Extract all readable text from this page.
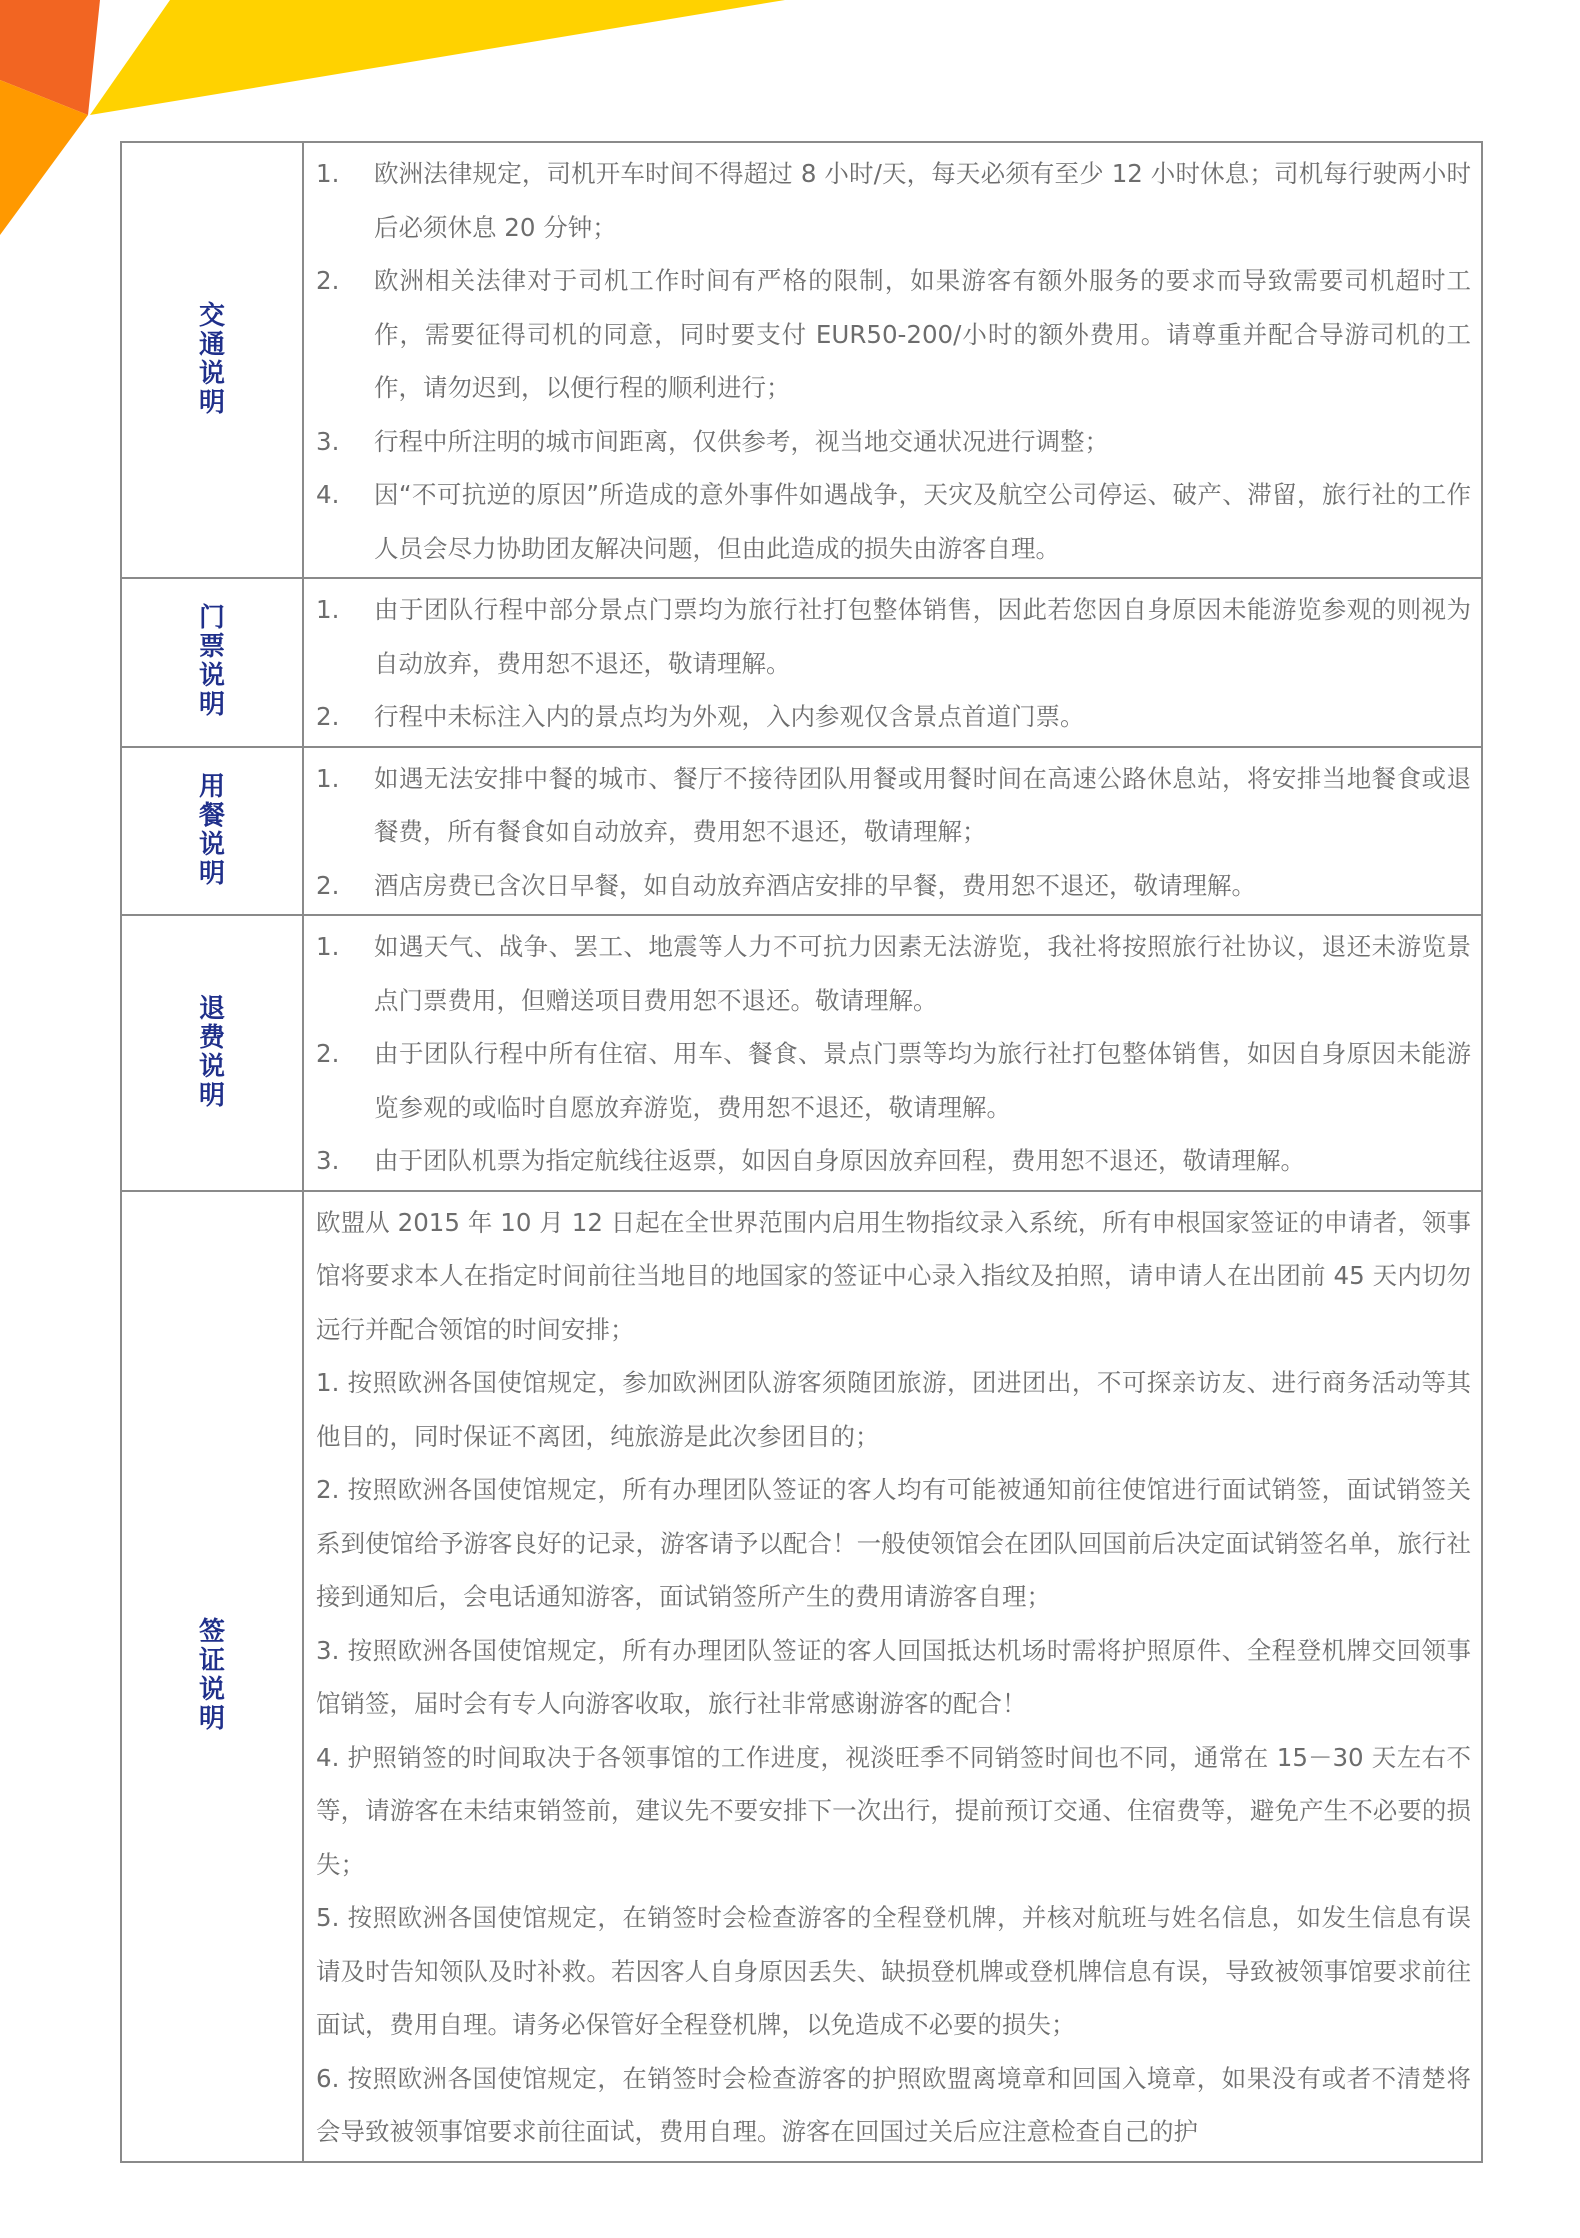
交通说明	
1.	欧洲法律规定，司机开车时间不得超过 8 小时/天，每天必须有至少 12 小时休息；司机每行驶两小时后必须休息 20 分钟；
2.	欧洲相关法律对于司机工作时间有严格的限制，如果游客有额外服务的要求而导致需要司机超时工作，需要征得司机的同意，同时要支付 EUR50-200/小时的额外费用。请尊重并配合导游司机的工作，请勿迟到，以便行程的顺利进行；
3.	行程中所注明的城市间距离，仅供参考，视当地交通状况进行调整；
4.	因“不可抗逆的原因”所造成的意外事件如遇战争，天灾及航空公司停运、破产、滞留，旅行社的工作人员会尽力协助团友解决问题，但由此造成的损失由游客自理。

门票说明	1. 由于团队行程中部分景点门票均为旅行社打包整体销售，因此若您因自身原因未能游览参观的则视为自动放弃，费用恕不退还，敬请理解。
2. 行程中未标注入内的景点均为外观，入内参观仅含景点首道门票。

用餐说明	1. 如遇无法安排中餐的城市、餐厅不接待团队用餐或用餐时间在高速公路休息站，将安排当地餐食或退餐费，所有餐食如自动放弃，费用恕不退还，敬请理解；
2. 酒店房费已含次日早餐，如自动放弃酒店安排的早餐，费用恕不退还，敬请理解。

退费说明	
1.	如遇天气、战争、罢工、地震等人力不可抗力因素无法游览，我社将按照旅行社协议，退还未游览景点门票费用，但赠送项目费用恕不退还。敬请理解。
2.	由于团队行程中所有住宿、用车、餐食、景点门票等均为旅行社打包整体销售，如因自身原因未能游览参观的或临时自愿放弃游览，费用恕不退还，敬请理解。
3.	由于团队机票为指定航线往返票，如因自身原因放弃回程，费用恕不退还，敬请理解。

签证说明	
欧盟从 2015 年 10 月 12 日起在全世界范围内启用生物指纹录入系统，所有申根国家签证的申请者，领事馆将要求本人在指定时间前往当地目的地国家的签证中心录入指纹及拍照，请申请人在出团前 45 天内切勿远行并配合领馆的时间安排；
1. 按照欧洲各国使馆规定，参加欧洲团队游客须随团旅游，团进团出，不可探亲访友、进行商务活动等其他目的，同时保证不离团，纯旅游是此次参团目的；
2. 按照欧洲各国使馆规定，所有办理团队签证的客人均有可能被通知前往使馆进行面试销签，面试销签关系到使馆给予游客良好的记录，游客请予以配合！一般使领馆会在团队回国前后决定面试销签名单，旅行社接到通知后，会电话通知游客，面试销签所产生的费用请游客自理；
3. 按照欧洲各国使馆规定，所有办理团队签证的客人回国抵达机场时需将护照原件、全程登机牌交回领事馆销签，届时会有专人向游客收取，旅行社非常感谢游客的配合！
4. 护照销签的时间取决于各领事馆的工作进度，视淡旺季不同销签时间也不同，通常在 15－30 天左右不等，请游客在未结束销签前，建议先不要安排下一次出行，提前预订交通、住宿费等，避免产生不必要的损失；
5. 按照欧洲各国使馆规定，在销签时会检查游客的全程登机牌，并核对航班与姓名信息，如发生信息有误请及时告知领队及时补救。若因客人自身原因丢失、缺损登机牌或登机牌信息有误，导致被领事馆要求前往面试，费用自理。请务必保管好全程登机牌，以免造成不必要的损失；
6. 按照欧洲各国使馆规定，在销签时会检查游客的护照欧盟离境章和回国入境章，如果没有或者不清楚将会导致被领事馆要求前往面试，费用自理。游客在回国过关后应注意检查自己的护
